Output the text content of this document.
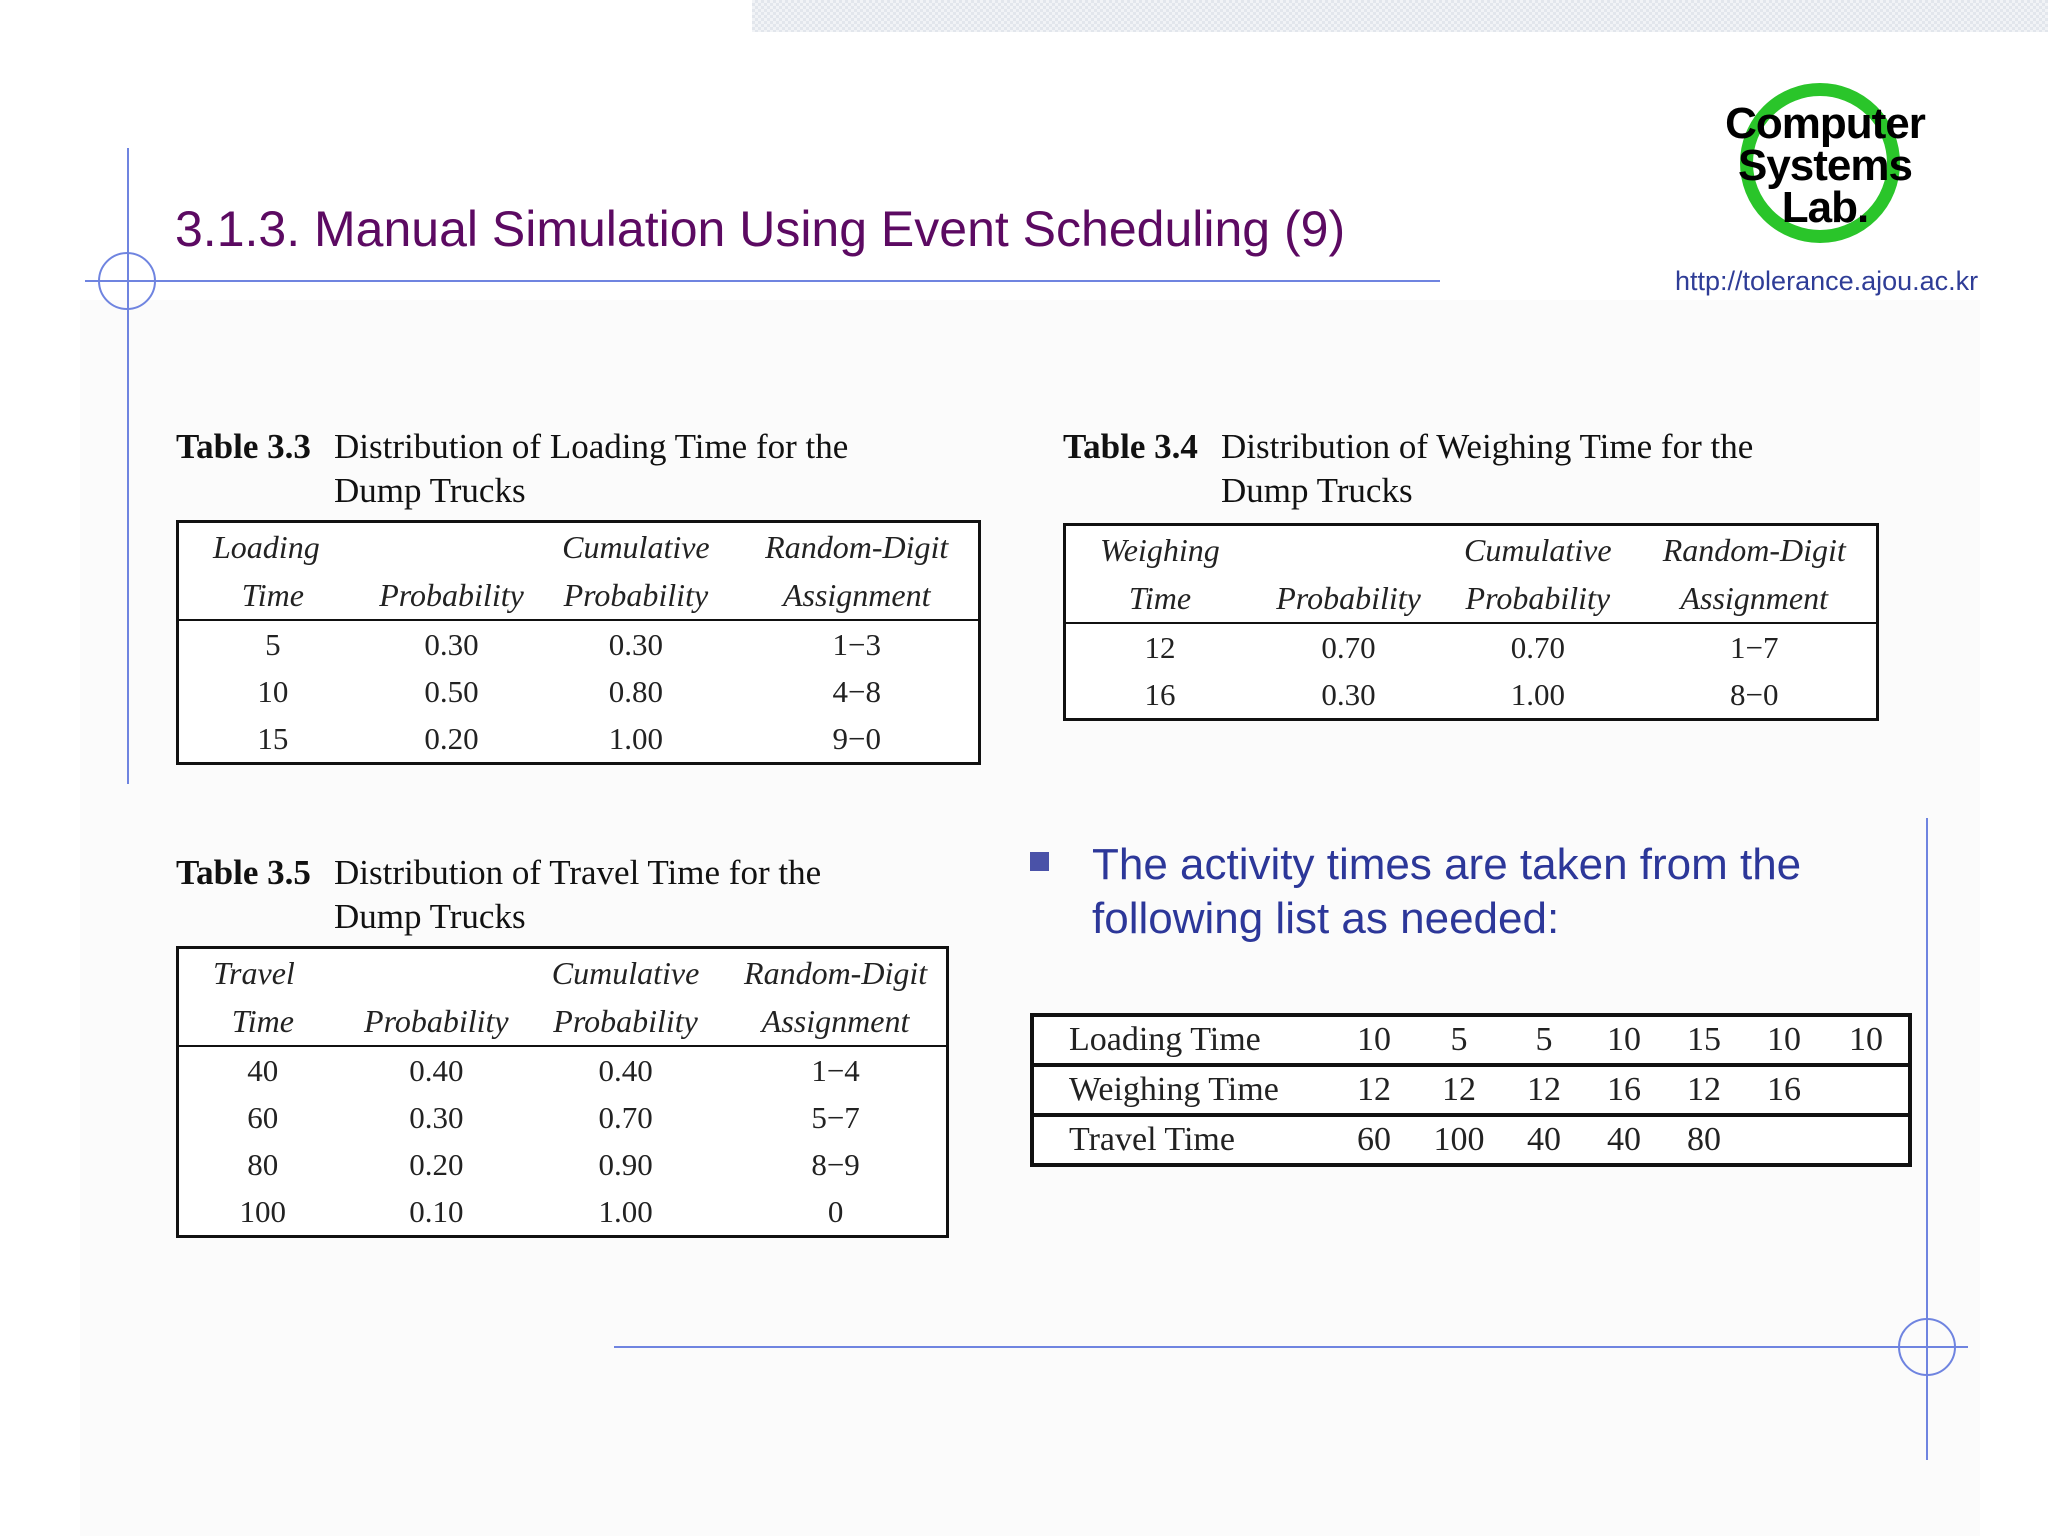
3.1.3. Manual Simulation Using Event Scheduling (9)
Computer
Systems
Lab.
http://tolerance.ajou.ac.kr
Table 3.3 Distribution of Loading Time for the
Dump Trucks
Loading		Cumulative	Random-Digit
Time	Probability	Probability	Assignment
5	0.30	0.30	1−3
10	0.50	0.80	4−8
15	0.20	1.00	9−0
Table 3.4 Distribution of Weighing Time for the
Dump Trucks
Weighing		Cumulative	Random-Digit
Time	Probability	Probability	Assignment
12	0.70	0.70	1−7
16	0.30	1.00	8−0
Table 3.5 Distribution of Travel Time for the
Dump Trucks
Travel		Cumulative	Random-Digit
Time	Probability	Probability	Assignment
40	0.40	0.40	1−4
60	0.30	0.70	5−7
80	0.20	0.90	8−9
100	0.10	1.00	0
The activity times are taken from the following list as needed:
Loading Time	10	5	5	10	15	10	10
Weighing Time	12	12	12	16	12	16	
Travel Time	60	100	40	40	80		
